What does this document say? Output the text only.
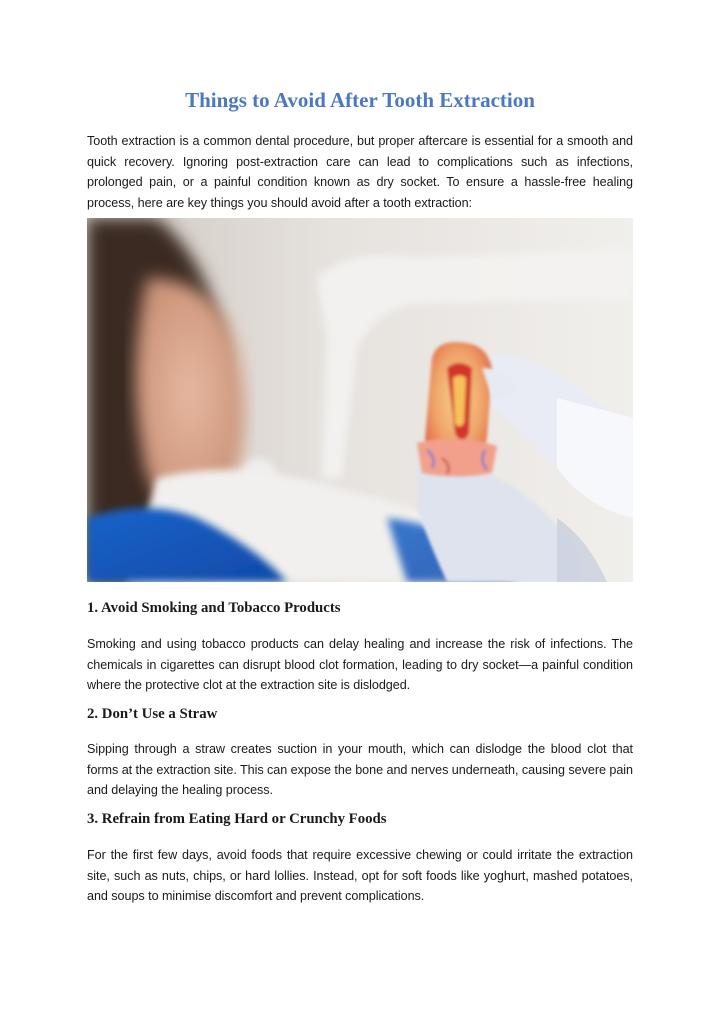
Things to Avoid After Tooth Extraction

Tooth extraction is a common dental procedure, but proper aftercare is essential for a smooth and quick recovery. Ignoring post-extraction care can lead to complications such as infections, prolonged pain, or a painful condition known as dry socket. To ensure a hassle-free healing process, here are key things you should avoid after a tooth extraction:

1. Avoid Smoking and Tobacco Products

Smoking and using tobacco products can delay healing and increase the risk of infections. The chemicals in cigarettes can disrupt blood clot formation, leading to dry socket—a painful condition where the protective clot at the extraction site is dislodged.

2. Don’t Use a Straw

Sipping through a straw creates suction in your mouth, which can dislodge the blood clot that forms at the extraction site. This can expose the bone and nerves underneath, causing severe pain and delaying the healing process.

3. Refrain from Eating Hard or Crunchy Foods

For the first few days, avoid foods that require excessive chewing or could irritate the extraction site, such as nuts, chips, or hard lollies. Instead, opt for soft foods like yoghurt, mashed potatoes, and soups to minimise discomfort and prevent complications.
